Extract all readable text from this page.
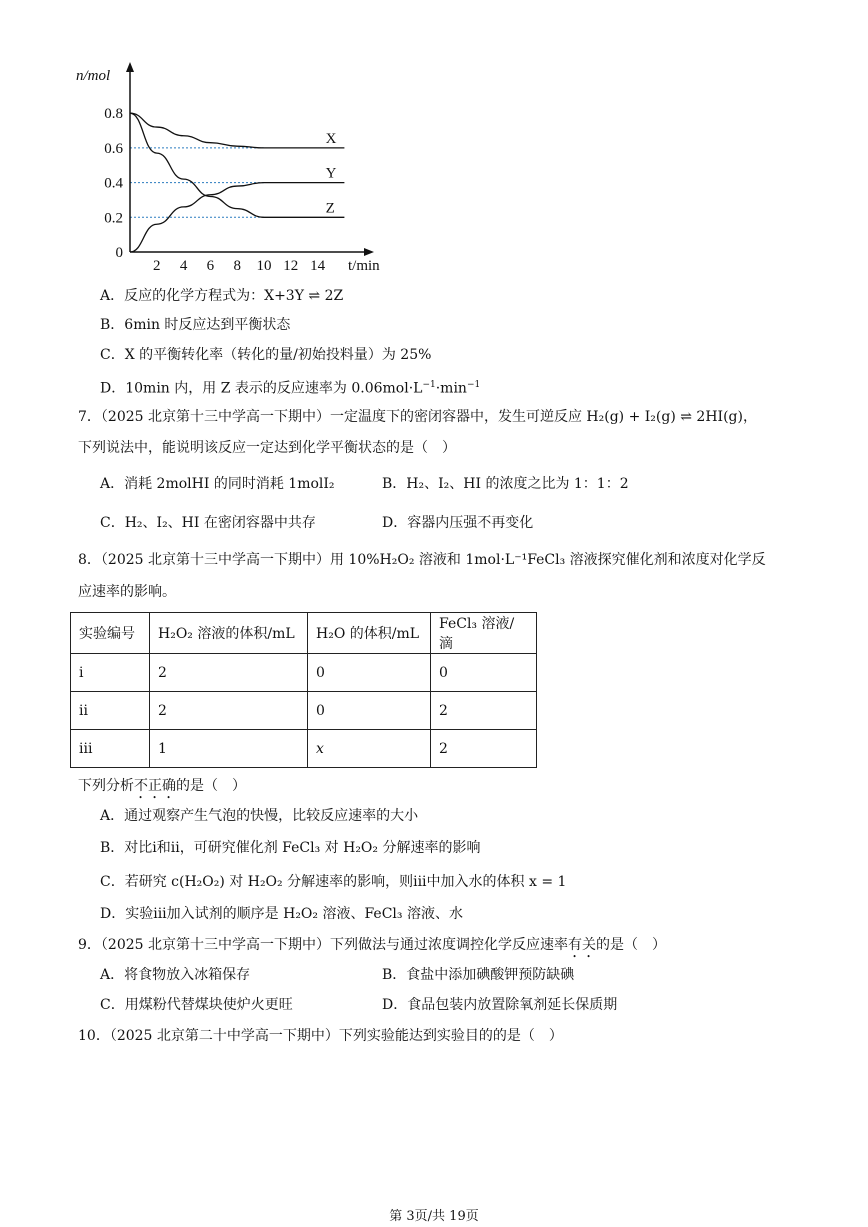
2 4 6 8 10 12 14
0
0.2
0.4
0.6
0.8
n/mol
t/min
X
Y
Z
A．反应的化学方程式为：X+3Y ⇌ 2Z
B．6min 时反应达到平衡状态
C．X 的平衡转化率（转化的量/初始投料量）为 25%
D．10min 内，用 Z 表示的反应速率为 $0.06mol\cdot L^{-1}\cdot\min^{-1}$
7．（2025 北京第十三中学高一下期中）一定温度下的密闭容器中，发生可逆反应 H₂(g) + I₂(g) ⇌ 2HI(g)，
下列说法中，能说明该反应一定达到化学平衡状态的是（　）
A．消耗 2molHI 的同时消耗 1molI₂	B．H₂、I₂、HI 的浓度之比为 1：1：2
C．H₂、I₂、HI 在密闭容器中共存	D．容器内压强不再变化
8．（2025 北京第十三中学高一下期中）用 10%H₂O₂ 溶液和 1mol·L⁻¹FeCl₃ 溶液探究催化剂和浓度对化学反
应速率的影响。
实验编号	H₂O₂ 溶液的体积/mL	H₂O 的体积/mL	FeCl₃ 溶液/滴
i	2	0	0
ii	2	0	2
iii	1	x	2
下列分析不正确的是（　）
A．通过观察产生气泡的快慢，比较反应速率的大小
B．对比i和ii，可研究催化剂 FeCl₃ 对 H₂O₂ 分解速率的影响
C．若研究 c(H₂O₂) 对 H₂O₂ 分解速率的影响，则iii中加入水的体积 x = 1
D．实验iii加入试剂的顺序是 H₂O₂ 溶液、FeCl₃ 溶液、水
9．（2025 北京第十三中学高一下期中）下列做法与通过浓度调控化学反应速率有关的是（　）
A．将食物放入冰箱保存	B．食盐中添加碘酸钾预防缺碘
C．用煤粉代替煤块使炉火更旺	D．食品包装内放置除氧剂延长保质期
10．（2025 北京第二十中学高一下期中）下列实验能达到实验目的的是（　）
第 3页/共 19页
